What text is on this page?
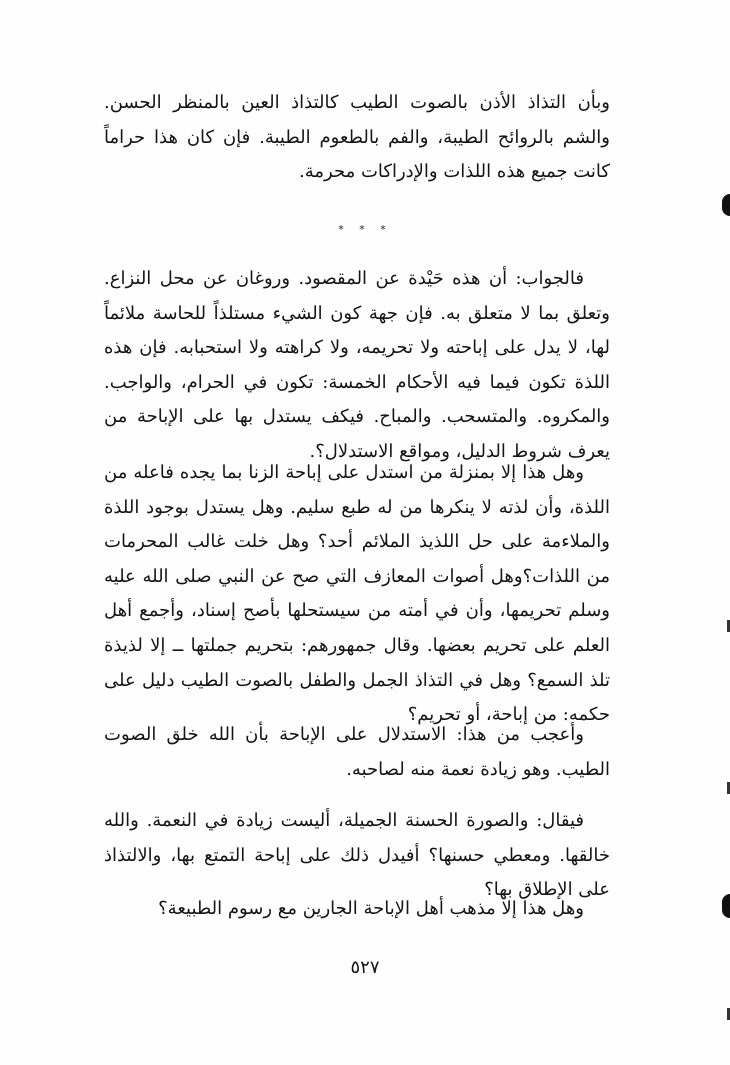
وبأن التذاذ الأذن بالصوت الطيب كالتذاذ العين بالمنظر الحسن. والشم بالروائح الطيبة، والفم بالطعوم الطيبة. فإن كان هذا حراماً كانت جميع هذه اللذات والإدراكات محرمة.

* * *

فالجواب: أن هذه حَيْدة عن المقصود. وروغان عن محل النزاع. وتعلق بما لا متعلق به. فإن جهة كون الشيء مستلذاً للحاسة ملائماً لها، لا يدل على إباحته ولا تحريمه، ولا كراهته ولا استحبابه. فإن هذه اللذة تكون فيما فيه الأحكام الخمسة: تكون في الحرام، والواجب. والمكروه. والمتسحب. والمباح. فيكف يستدل بها على الإباحة من يعرف شروط الدليل، ومواقع الاستدلال؟.

وهل هذا إلا بمنزلة من استدل على إباحة الزنا بما يجده فاعله من اللذة، وأن لذته لا ينكرها من له طبع سليم. وهل يستدل بوجود اللذة والملاءمة على حل اللذيذ الملائم أحد؟ وهل خلت غالب المحرمات من اللذات؟وهل أصوات المعازف التي صح عن النبي صلى الله عليه وسلم تحريمها، وأن في أمته من سيستحلها بأصح إسناد، وأجمع أهل العلم على تحريم بعضها. وقال جمهورهم: بتحريم جملتها ــ إلا لذيذة تلذ السمع؟ وهل في التذاذ الجمل والطفل بالصوت الطيب دليل على حكمه: من إباحة، أو تحريم؟

وأعجب من هذا: الاستدلال على الإباحة بأن الله خلق الصوت الطيب. وهو زيادة نعمة منه لصاحبه.

فيقال: والصورة الحسنة الجميلة، أليست زيادة في النعمة. والله خالقها. ومعطي حسنها؟ أفيدل ذلك على إباحة التمتع بها، والالتذاذ على الإطلاق بها؟

وهل هذا إلا مذهب أهل الإباحة الجارين مع رسوم الطبيعة؟

٥٢٧
